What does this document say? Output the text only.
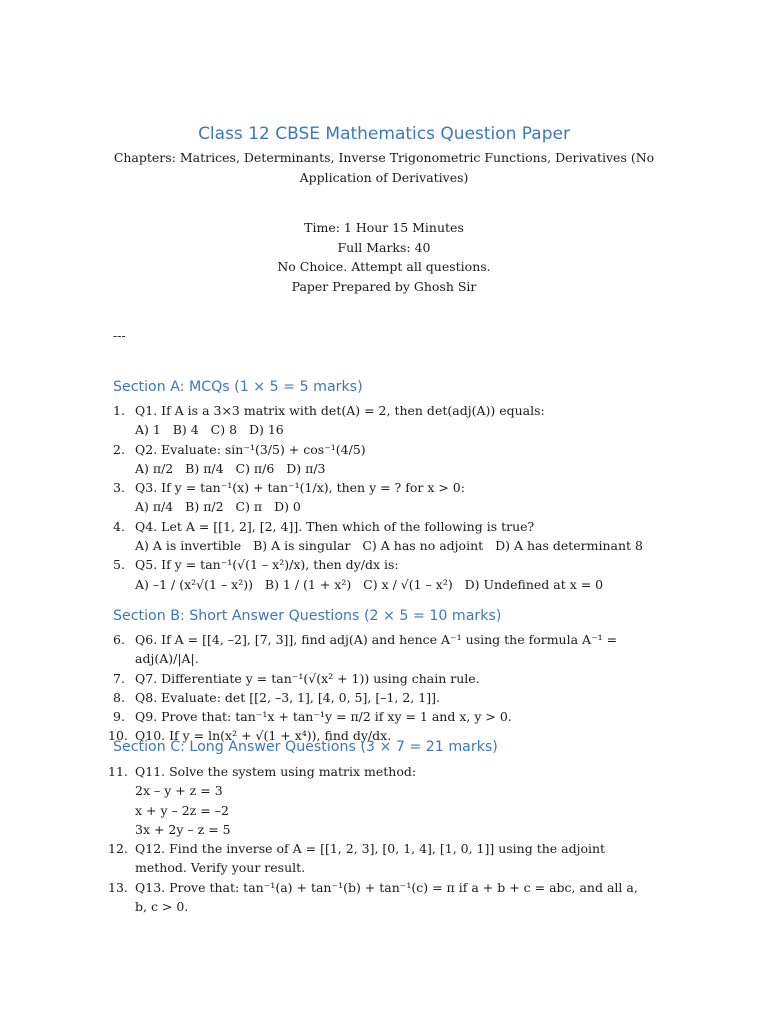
Class 12 CBSE Mathematics Question Paper
Chapters: Matrices, Determinants, Inverse Trigonometric Functions, Derivatives (No Application of Derivatives)
Time: 1 Hour 15 Minutes
Full Marks: 40
No Choice. Attempt all questions.
Paper Prepared by Ghosh Sir
---
Section A: MCQs (1 × 5 = 5 marks)
1. Q1. If A is a 3×3 matrix with det(A) = 2, then det(adj(A)) equals:
A) 1   B) 4   C) 8   D) 16
2. Q2. Evaluate: sin⁻¹(3/5) + cos⁻¹(4/5)
A) π/2   B) π/4   C) π/6   D) π/3
3. Q3. If y = tan⁻¹(x) + tan⁻¹(1/x), then y = ? for x > 0:
A) π/4   B) π/2   C) π   D) 0
4. Q4. Let A = [[1, 2], [2, 4]]. Then which of the following is true?
A) A is invertible   B) A is singular   C) A has no adjoint   D) A has determinant 8
5. Q5. If y = tan⁻¹(√(1 – x²)/x), then dy/dx is:
A) –1 / (x²√(1 – x²))   B) 1 / (1 + x²)   C) x / √(1 – x²)   D) Undefined at x = 0
Section B: Short Answer Questions (2 × 5 = 10 marks)
6. Q6. If A = [[4, –2], [7, 3]], find adj(A) and hence A⁻¹ using the formula A⁻¹ = adj(A)/|A|.
7. Q7. Differentiate y = tan⁻¹(√(x² + 1)) using chain rule.
8. Q8. Evaluate: det [[2, –3, 1], [4, 0, 5], [–1, 2, 1]].
9. Q9. Prove that: tan⁻¹x + tan⁻¹y = π/2 if xy = 1 and x, y > 0.
10. Q10. If y = ln(x² + √(1 + x⁴)), find dy/dx.
Section C: Long Answer Questions (3 × 7 = 21 marks)
11. Q11. Solve the system using matrix method:
2x – y + z = 3
x + y – 2z = –2
3x + 2y – z = 5
12. Q12. Find the inverse of A = [[1, 2, 3], [0, 1, 4], [1, 0, 1]] using the adjoint method. Verify your result.
13. Q13. Prove that: tan⁻¹(a) + tan⁻¹(b) + tan⁻¹(c) = π if a + b + c = abc, and all a, b, c > 0.
